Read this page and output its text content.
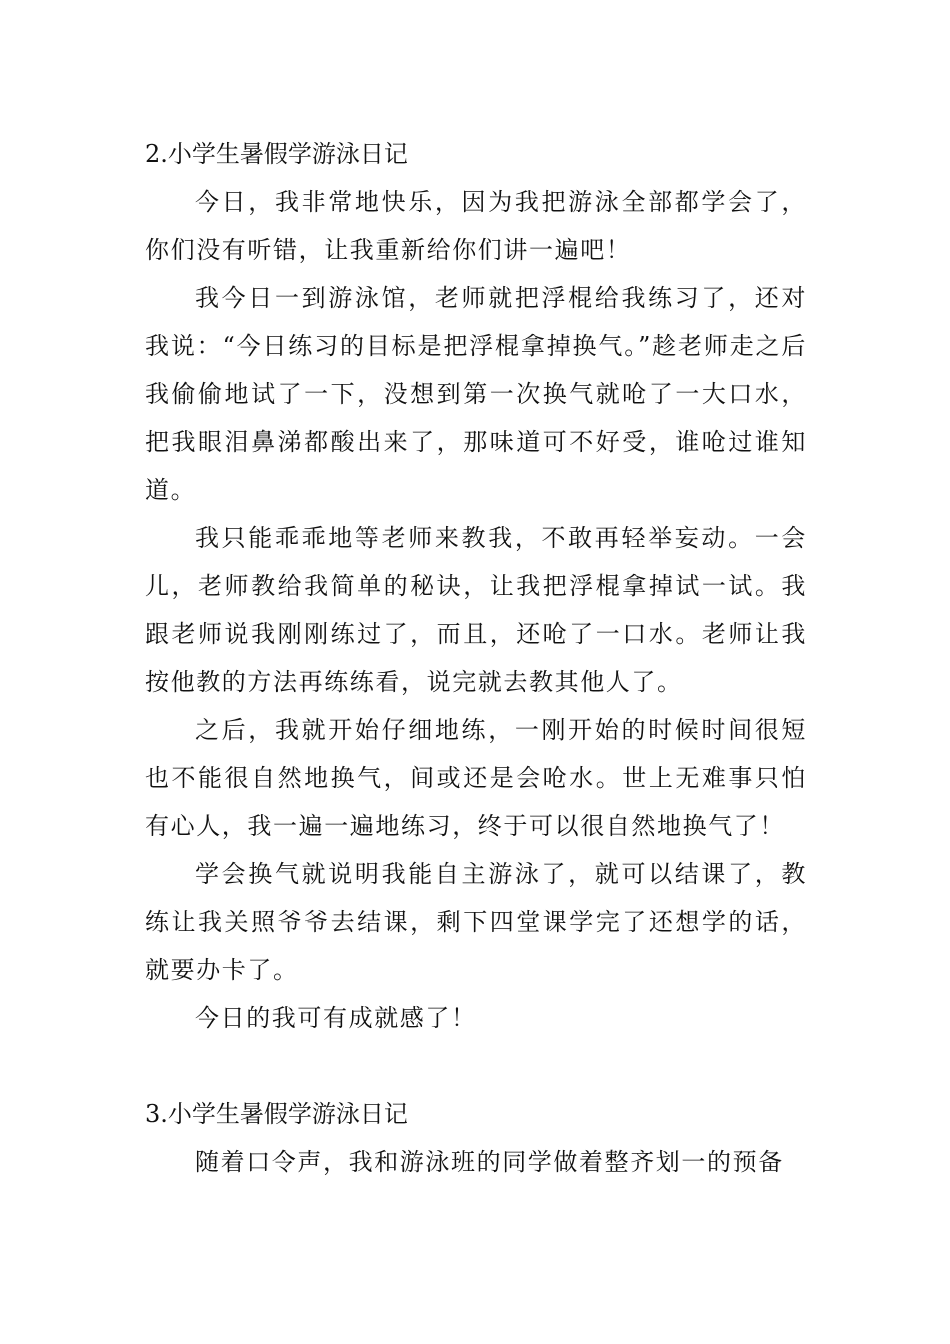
2.小学生暑假学游泳日记

今日，我非常地快乐，因为我把游泳全部都学会了，你们没有听错，让我重新给你们讲一遍吧！

我今日一到游泳馆，老师就把浮棍给我练习了，还对我说：“今日练习的目标是把浮棍拿掉换气。”趁老师走之后我偷偷地试了一下，没想到第一次换气就呛了一大口水，把我眼泪鼻涕都酸出来了，那味道可不好受，谁呛过谁知道。

我只能乖乖地等老师来教我，不敢再轻举妄动。一会儿，老师教给我简单的秘诀，让我把浮棍拿掉试一试。我跟老师说我刚刚练过了，而且，还呛了一口水。老师让我按他教的方法再练练看，说完就去教其他人了。

之后，我就开始仔细地练，一刚开始的时候时间很短也不能很自然地换气，间或还是会呛水。世上无难事只怕有心人，我一遍一遍地练习，终于可以很自然地换气了！

学会换气就说明我能自主游泳了，就可以结课了，教练让我关照爷爷去结课，剩下四堂课学完了还想学的话，就要办卡了。

今日的我可有成就感了！

3.小学生暑假学游泳日记

随着口令声，我和游泳班的同学做着整齐划一的预备
